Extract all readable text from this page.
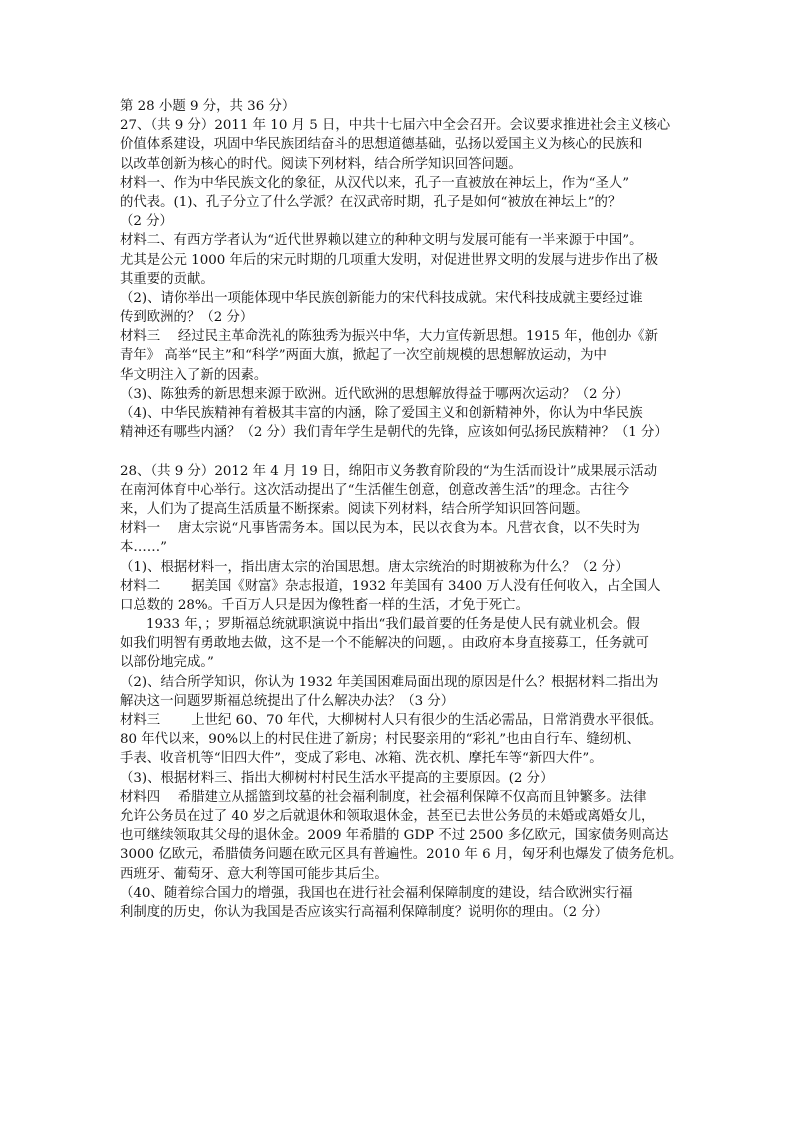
第 28 小题 9 分，共 36 分）
27、（共 9 分）2011 年 10 月 5 日，中共十七届六中全会召开。会议要求推进社会主义核心
价值体系建设，巩固中华民族团结奋斗的思想道德基础，弘扬以爱国主义为核心的民族和
以改革创新为核心的时代。阅读下列材料，结合所学知识回答问题。
材料一、作为中华民族文化的象征，从汉代以来，孔子一直被放在神坛上，作为“圣人”
的代表。(1)、孔子分立了什么学派？在汉武帝时期，孔子是如何“被放在神坛上”的？
（2 分）
材料二、有西方学者认为“近代世界赖以建立的种种文明与发展可能有一半来源于中国”。
尤其是公元 1000 年后的宋元时期的几项重大发明，对促进世界文明的发展与进步作出了极
其重要的贡献。
（2)、请你举出一项能体现中华民族创新能力的宋代科技成就。宋代科技成就主要经过谁
传到欧洲的？（2 分）
材料三　 经过民主革命洗礼的陈独秀为振兴中华，大力宣传新思想。1915 年，他创办《新
青年》 高举“民主”和“科学”两面大旗，掀起了一次空前规模的思想解放运动，为中
华文明注入了新的因素。
（3)、陈独秀的新思想来源于欧洲。近代欧洲的思想解放得益于哪两次运动？（2 分）
（4)、中华民族精神有着极其丰富的内涵，除了爱国主义和创新精神外，你认为中华民族
精神还有哪些内涵？（2 分）我们青年学生是朝代的先锋，应该如何弘扬民族精神？（1 分）
28、（共 9 分）2012 年 4 月 19 日，绵阳市义务教育阶段的“为生活而设计”成果展示活动
在南河体育中心举行。这次活动提出了“生活催生创意，创意改善生活”的理念。古往今
来，人们为了提高生活质量不断探索。阅读下列材料，结合所学知识回答问题。
材料一　 唐太宗说“凡事皆需务本。国以民为本，民以衣食为本。凡营衣食，以不失时为
本……”
（1)、根据材料一，指出唐太宗的治国思想。唐太宗统治的时期被称为什么？（2 分）
材料二　　 据美国《财富》杂志报道，1932 年美国有 3400 万人没有任何收入，占全国人
口总数的 28%。千百万人只是因为像牲畜一样的生活，才免于死亡。
1933 年，；罗斯福总统就职演说中指出“我们最首要的任务是使人民有就业机会。假
如我们明智有勇敢地去做，这不是一个不能解决的问题，。由政府本身直接募工，任务就可
以部份地完成。”
（2)、结合所学知识，你认为 1932 年美国困难局面出现的原因是什么？根据材料二指出为
解决这一问题罗斯福总统提出了什么解决办法？（3 分）
材料三　　 上世纪 60、70 年代，大柳树村人只有很少的生活必需品，日常消费水平很低。
80 年代以来，90%以上的村民住进了新房；村民娶亲用的“彩礼”也由自行车、缝纫机、
手表、收音机等“旧四大件”，变成了彩电、冰箱、洗衣机、摩托车等“新四大件”。
（3)、根据材料三、指出大柳树村村民生活水平提高的主要原因。(2 分）
材料四　 希腊建立从摇篮到坟墓的社会福利制度，社会福利保障不仅高而且钟繁多。法律
允许公务员在过了 40 岁之后就退休和领取退休金，甚至已去世公务员的未婚或离婚女儿，
也可继续领取其父母的退休金。2009 年希腊的 GDP 不过 2500 多亿欧元，国家债务则高达
3000 亿欧元，希腊债务问题在欧元区具有普遍性。2010 年 6 月，匈牙利也爆发了债务危机。
西班牙、葡萄牙、意大利等国可能步其后尘。
（40、随着综合国力的增强，我国也在进行社会福利保障制度的建设，结合欧洲实行福
利制度的历史，你认为我国是否应该实行高福利保障制度？说明你的理由。（2 分）
